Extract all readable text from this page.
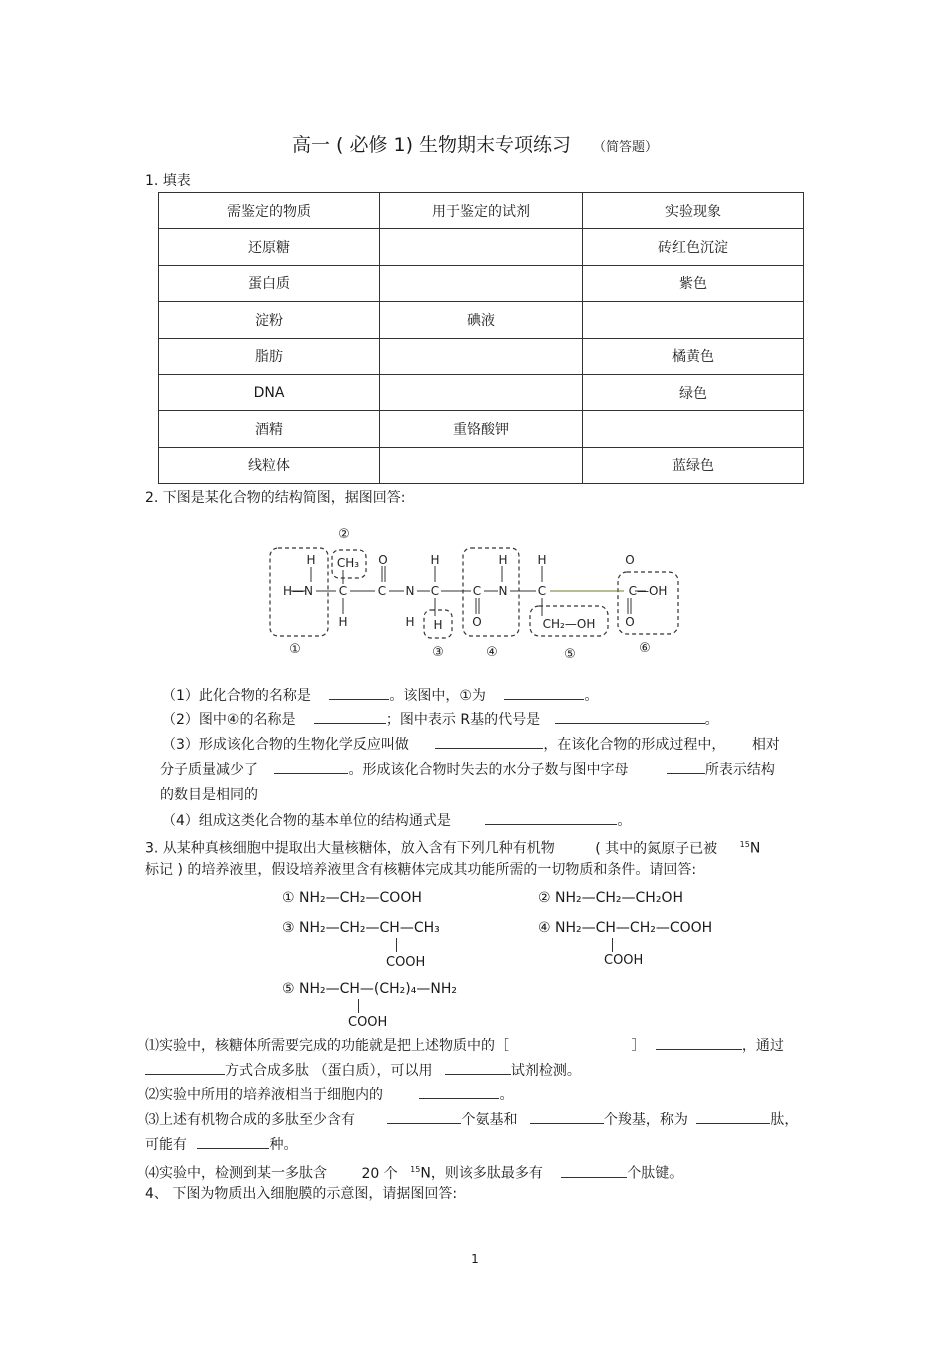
高一 ( 必修 1) 生物期末专项练习 （简答题）
1. 填表
需鉴定的物质	用于鉴定的试剂	实验现象
还原糖		砖红色沉淀
蛋白质		紫色
淀粉	碘液	
脂肪		橘黄色
DNA		绿色
酒精	重铬酸钾	
线粒体		蓝绿色
2. 下图是某化合物的结构简图，据图回答:
②
①	③	④	⑤	⑥
H
H—N
CH₃
C
H
O
C N
H
H
C
H
C
O
H
N
H
C
CH₂—OH
O
C—OH
O
（1）此化合物的名称是	。该图中，①为	。
（2）图中④的名称是	；图中表示 R基的代号是	。
（3）形成该化合物的生物化学反应叫做	，在该化合物的形成过程中， 相对
分子质量减少了	。形成该化合物时失去的水分子数与图中字母	所表示结构
的数目是相同的
（4）组成这类化合物的基本单位的结构通式是	。
3. 从某种真核细胞中提取出大量核糖体，放入含有下列几种有机物	( 其中的氮原子已被	$^{15}$N
标记 ) 的培养液里，假设培养液里含有核糖体完成其功能所需的一切物质和条件。请回答:
① NH₂—CH₂—COOH	② NH₂—CH₂—CH₂OH
③ NH₂—CH₂—CH—CH₃
COOH
④ NH₂—CH—CH₂—COOH
COOH
⑤ NH₂—CH—(CH₂)₄—NH₂
COOH
⑴实验中，核糖体所需要完成的功能就是把上述物质中的［	］	，通过
方式合成多肽 （蛋白质），可以用	试剂检测。
⑵实验中所用的培养液相当于细胞内的	。
⑶上述有机物合成的多肽至少含有	个氨基和	个羧基，称为	肽，
可能有	种。
⑷实验中，检测到某一多肽含 20 个 $^{15}$N，则该多肽最多有	个肽键。
4、 下图为物质出入细胞膜的示意图，请据图回答:
1
